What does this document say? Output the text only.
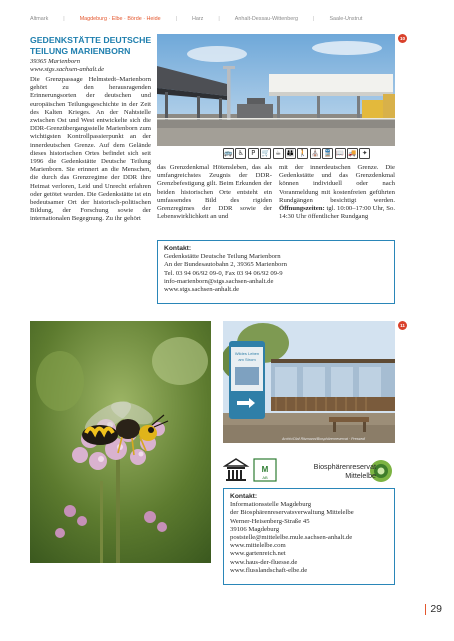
Altmark	|	Magdeburg · Elbe · Börde · Heide	|	Harz	|	Anhalt-Dessau-Wittenberg	|	Saale-Unstrut
GEDENKSTÄTTE DEUTSCHE TEILUNG MARIENBORN
39365 Marienborn
www.stgs.sachsen-anhalt.de
Die Grenzpassage Helmstedt–Marienborn gehört zu den herausragenden Erinnerungsorten der deutschen und europäischen Teilungsgeschichte in der Zeit des Kalten Krieges. An der Nahtstelle zwischen Ost und West entwickelte sich die DDR-Grenzübergangsstelle Marienborn zum wichtigsten Kontrollpassierpunkt an der innerdeutschen Grenze. Auf dem Gelände dieses historischen Ortes befindet sich seit 1996 die Gedenkstätte Deutsche Teilung Marienborn. Sie erinnert an die Menschen, die durch das Grenzregime der DDR ihre Heimat verloren, Leid und Unrecht erfahren oder getötet wurden. Die Gedenkstätte ist ein bedeutsamer Ort der historisch-politischen Bildung, der Forschung sowie der internationalen Begegnung. Zu ihr gehört
10
🚌 ♿	P 🛒 ☕ 👪 🚶 ⛪ 🚆 📖 🚚 ✦
das Grenzdenkmal Hötensleben, das als umfangreichstes Zeugnis der DDR-Grenzbefestigung gilt. Beim Erkunden der beiden historischen Orte entsteht ein umfassendes Bild des rigiden Grenzregimes der DDR sowie der Lebenswirklichkeit an und
mit der innerdeutschen Grenze. Die Gedenkstätte und das Grenzdenkmal können individuell oder nach Voranmeldung mit kostenfreien geführten Rundgängen besichtigt werden. Öffnungszeiten: tgl. 10:00–17:00 Uhr, So. 14:30 Uhr öffentlicher Rundgang
Kontakt:
Gedenkstätte Deutsche Teilung Marienborn
An der Bundesautobahn 2, 39365 Marienborn
Tel. 03 94 06/92 09-0, Fax 03 94 06/92 09-9
info-marienborn@stgs.sachsen-anhalt.de
www.stgs.sachsen-anhalt.de
Wildes Leben
am Strom
Archiv/Olaf Ritzmann/Biosphärenreservat · Pressedi
11
M
AB
Biosphärenreservat
Mittelelbe
Kontakt:
Informationsstelle Magdeburg
der Biosphärenreservatsverwaltung Mittelelbe
Werner-Heisenberg-Straße 45
39106 Magdeburg
poststelle@mittelelbe.mule.sachsen-anhalt.de
www.mittelelbe.com
www.gartenreich.net
www.haus-der-fluesse.de
www.flusslandschaft-elbe.de
29
